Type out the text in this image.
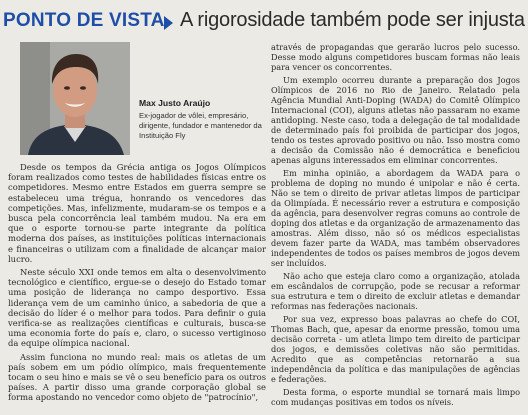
PONTO DE VISTA A rigorosidade também pode ser injusta
Max Justo Araújo
Ex-jogador de vôlei, empresário, dirigente, fundador e mantenedor da Instituição Fly

Desde os tempos da Grécia antiga os Jogos Olímpicos foram realizados como testes de habilidades físicas entre os competidores. Mesmo entre Estados em guerra sempre se estabeleceu uma trégua, honrando os vencedores das competições. Mas, infelizmente, mudaram-se os tempos e a busca pela concorrência leal também mudou. Na era em que o esporte tornou-se parte integrante da política moderna dos países, as instituições políticas internacionais e financeiras o utilizam com a finalidade de alcançar maior lucro.

Neste século XXI onde temos em alta o desenvolvimento tecnológico e científico, ergue-se o desejo do Estado tomar uma posição de liderança no campo desportivo. Essa liderança vem de um caminho único, a sabedoria de que a decisão do líder é o melhor para todos. Para definir o guia verifica-se as realizações científicas e culturais, busca-se uma economia forte do país e, claro, o sucesso vertiginoso da equipe olímpica nacional.

Assim funciona no mundo real: mais os atletas de um país sobem em um pódio olímpico, mais frequentemente tocam o seu hino e mais se vê o seu benefício para os outros países. A partir disso uma grande corporação global se forma apostando no vencedor como objeto de "patrocínio",

através de propagandas que gerarão lucros pelo sucesso. Desse modo alguns competidores buscam formas não leais para vencer os concorrentes.

Um exemplo ocorreu durante a preparação dos Jogos Olímpicos de 2016 no Rio de Janeiro. Relatado pela Agência Mundial Anti-Doping (WADA) do Comitê Olímpico Internacional (COI), alguns atletas não passaram no exame antidoping. Neste caso, toda a delegação de tal modalidade de determinado país foi proibida de participar dos jogos, tendo os testes aprovado positivo ou não. Isso mostra como a decisão da Comissão não é democrática e beneficiou apenas alguns interessados em eliminar concorrentes.

Em minha opinião, a abordagem da WADA para o problema de doping no mundo é unipolar e não é certa. Não se tem o direito de privar atletas limpos de participar da Olimpíada. É necessário rever a estrutura e composição da agência, para desenvolver regras comuns ao controle de doping dos atletas e da organização de armazenamento das amostras. Além disso, não só os médicos especialistas devem fazer parte da WADA, mas também observadores independentes de todos os países membros de jogos devem ser incluídos.

Não acho que esteja claro como a organização, atolada em escândalos de corrupção, pode se recusar a reformar sua estrutura e tem o direito de excluir atletas e demandar reformas nas federações nacionais.

Por sua vez, expresso boas palavras ao chefe do COI, Thomas Bach, que, apesar da enorme pressão, tomou uma decisão correta - um atleta limpo tem direito de participar dos jogos, e demissões coletivas não são permitidas. Acredito que as competências retornarão a sua independência da política e das manipulações de agências e federações.

Desta forma, o esporte mundial se tornará mais limpo com mudanças positivas em todos os níveis.
